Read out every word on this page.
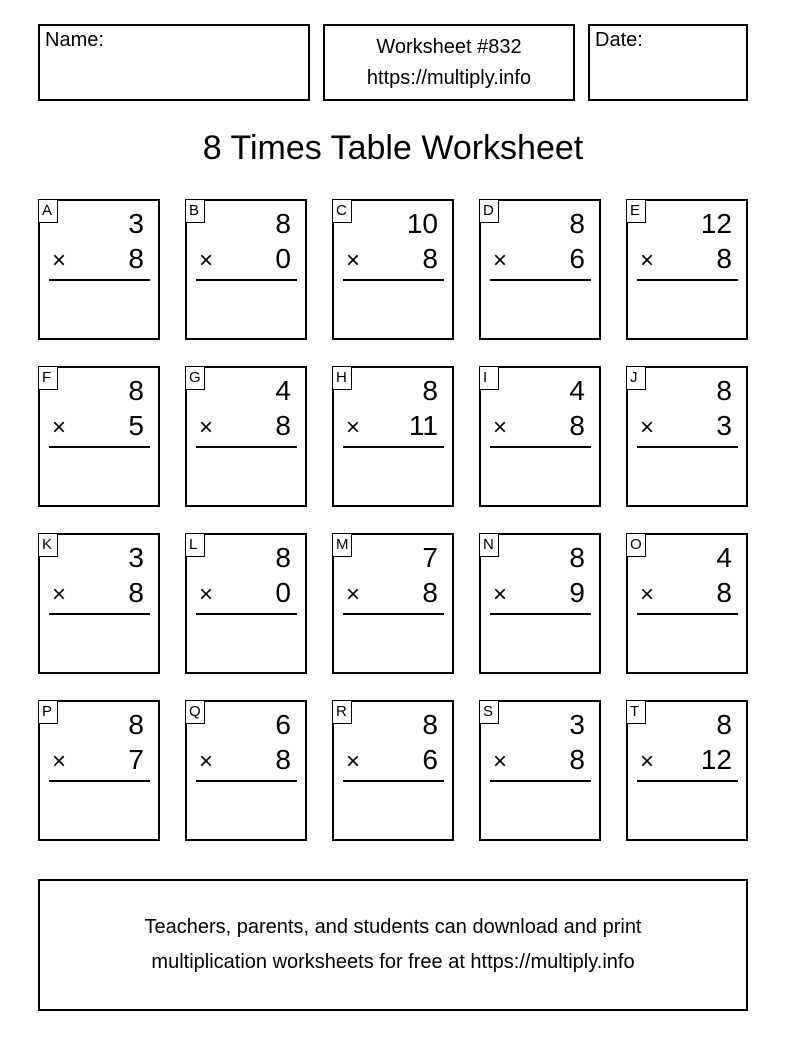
Name:	Worksheet #832
https://multiply.info
Date:
8 Times Table Worksheet
A	3
× 8
B	8
× 0
C 10
× 8
D	8
× 6
E 12
× 8
F	8
× 5
G	4
× 8
H	8
× 11
I	4
× 8
J	8
× 3
K	3
× 8
L	8
× 0
M	7
× 8
N	8
× 9
O	4
× 8
P	8
× 7
Q	6
× 8
R	8
× 6
S	3
× 8
T	8
× 12
Teachers, parents, and students can download and print
multiplication worksheets for free at https://multiply.info
